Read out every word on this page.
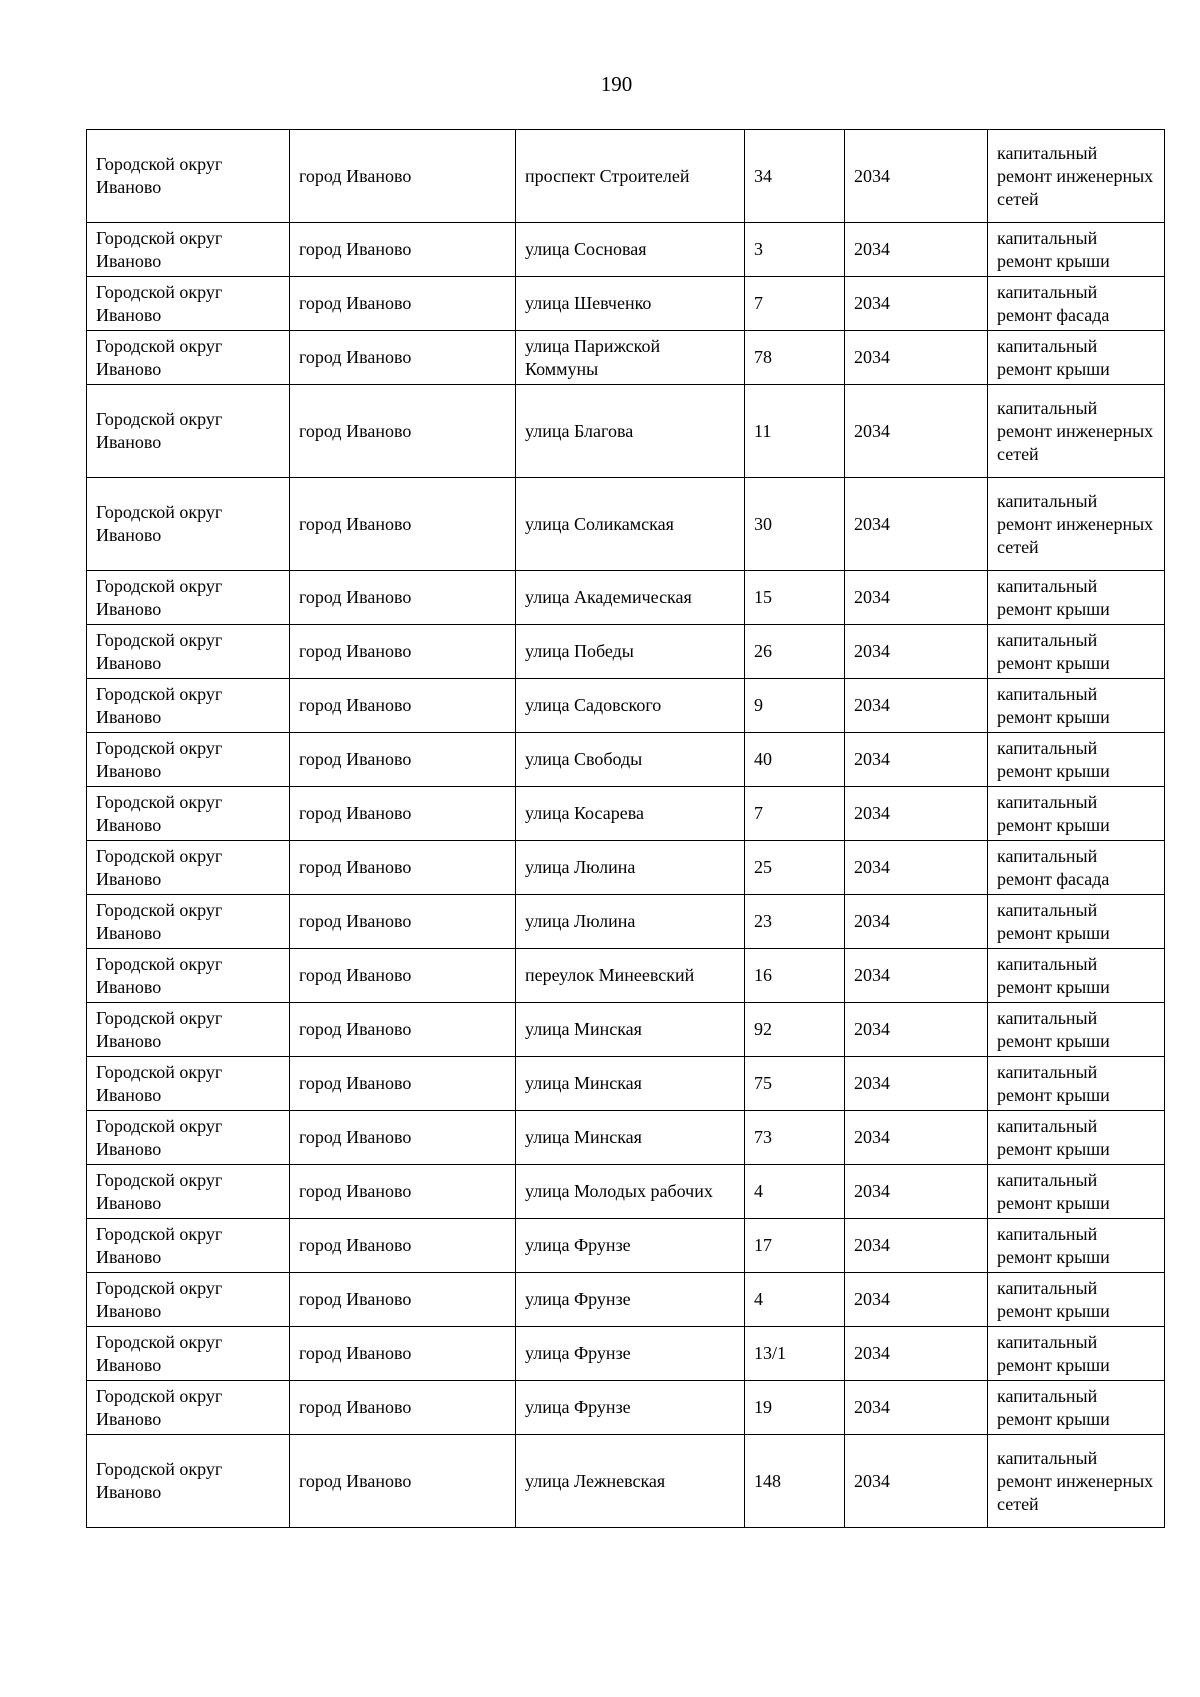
190
Городской округ Иваново	город Иваново	проспект Строителей	34	2034	капитальный ремонт инженерных сетей
Городской округ Иваново	город Иваново	улица Сосновая	3	2034	капитальный ремонт крыши
Городской округ Иваново	город Иваново	улица Шевченко	7	2034	капитальный ремонт фасада
Городской округ Иваново	город Иваново	улица Парижской Коммуны	78	2034	капитальный ремонт крыши
Городской округ Иваново	город Иваново	улица Благова	11	2034	капитальный ремонт инженерных сетей
Городской округ Иваново	город Иваново	улица Соликамская	30	2034	капитальный ремонт инженерных сетей
Городской округ Иваново	город Иваново	улица Академическая	15	2034	капитальный ремонт крыши
Городской округ Иваново	город Иваново	улица Победы	26	2034	капитальный ремонт крыши
Городской округ Иваново	город Иваново	улица Садовского	9	2034	капитальный ремонт крыши
Городской округ Иваново	город Иваново	улица Свободы	40	2034	капитальный ремонт крыши
Городской округ Иваново	город Иваново	улица Косарева	7	2034	капитальный ремонт крыши
Городской округ Иваново	город Иваново	улица Люлина	25	2034	капитальный ремонт фасада
Городской округ Иваново	город Иваново	улица Люлина	23	2034	капитальный ремонт крыши
Городской округ Иваново	город Иваново	переулок Минеевский	16	2034	капитальный ремонт крыши
Городской округ Иваново	город Иваново	улица Минская	92	2034	капитальный ремонт крыши
Городской округ Иваново	город Иваново	улица Минская	75	2034	капитальный ремонт крыши
Городской округ Иваново	город Иваново	улица Минская	73	2034	капитальный ремонт крыши
Городской округ Иваново	город Иваново	улица Молодых рабочих	4	2034	капитальный ремонт крыши
Городской округ Иваново	город Иваново	улица Фрунзе	17	2034	капитальный ремонт крыши
Городской округ Иваново	город Иваново	улица Фрунзе	4	2034	капитальный ремонт крыши
Городской округ Иваново	город Иваново	улица Фрунзе	13/1	2034	капитальный ремонт крыши
Городской округ Иваново	город Иваново	улица Фрунзе	19	2034	капитальный ремонт крыши
Городской округ Иваново	город Иваново	улица Лежневская	148	2034	капитальный ремонт инженерных сетей
